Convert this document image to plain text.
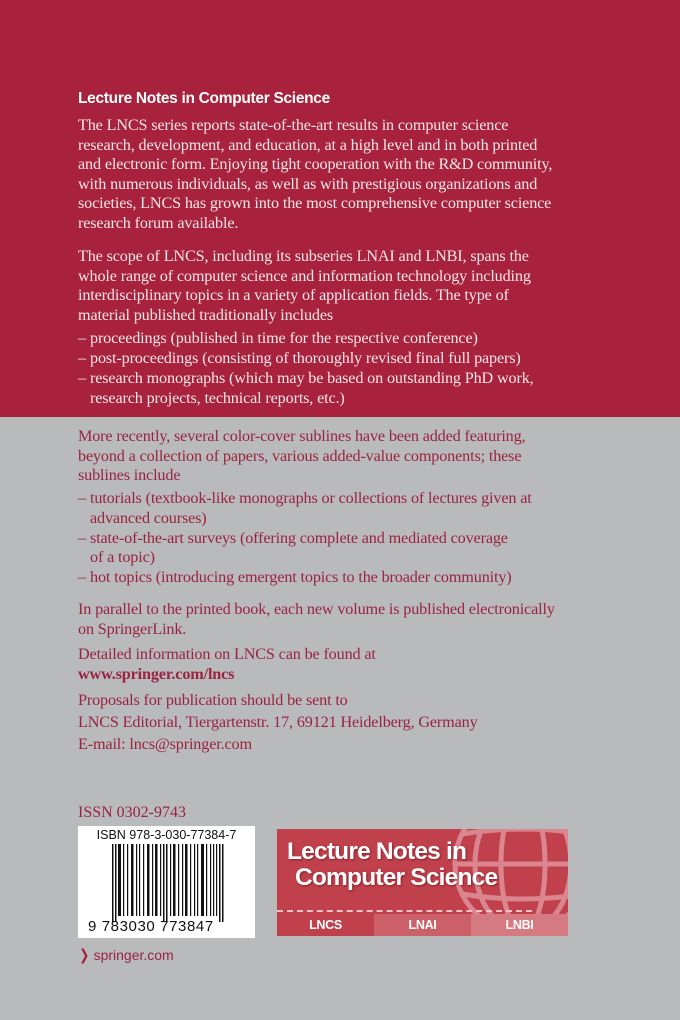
Lecture Notes in Computer Science

The LNCS series reports state-of-the-art results in computer science
research, development, and education, at a high level and in both printed
and electronic form. Enjoying tight cooperation with the R&D community,
with numerous individuals, as well as with prestigious organizations and
societies, LNCS has grown into the most comprehensive computer science
research forum available.

The scope of LNCS, including its subseries LNAI and LNBI, spans the
whole range of computer science and information technology including
interdisciplinary topics in a variety of application fields. The type of
material published traditionally includes

– proceedings (published in time for the respective conference)
– post-proceedings (consisting of thoroughly revised final full papers)
– research monographs (which may be based on outstanding PhD work,
research projects, technical reports, etc.)

More recently, several color-cover sublines have been added featuring,
beyond a collection of papers, various added-value components; these
sublines include

– tutorials (textbook-like monographs or collections of lectures given at
advanced courses)
– state-of-the-art surveys (offering complete and mediated coverage
of a topic)
– hot topics (introducing emergent topics to the broader community)

In parallel to the printed book, each new volume is published electronically
on SpringerLink.

Detailed information on LNCS can be found at
www.springer.com/lncs

Proposals for publication should be sent to
LNCS Editorial, Tiergartenstr. 17, 69121 Heidelberg, Germany
E-mail: lncs@springer.com

ISSN 0302-9743

ISBN 978-3-030-77384-7
9 783030 773847
❯ springer.com
Lecture Notes in
Computer Science
LNCS	LNAI	LNBI
